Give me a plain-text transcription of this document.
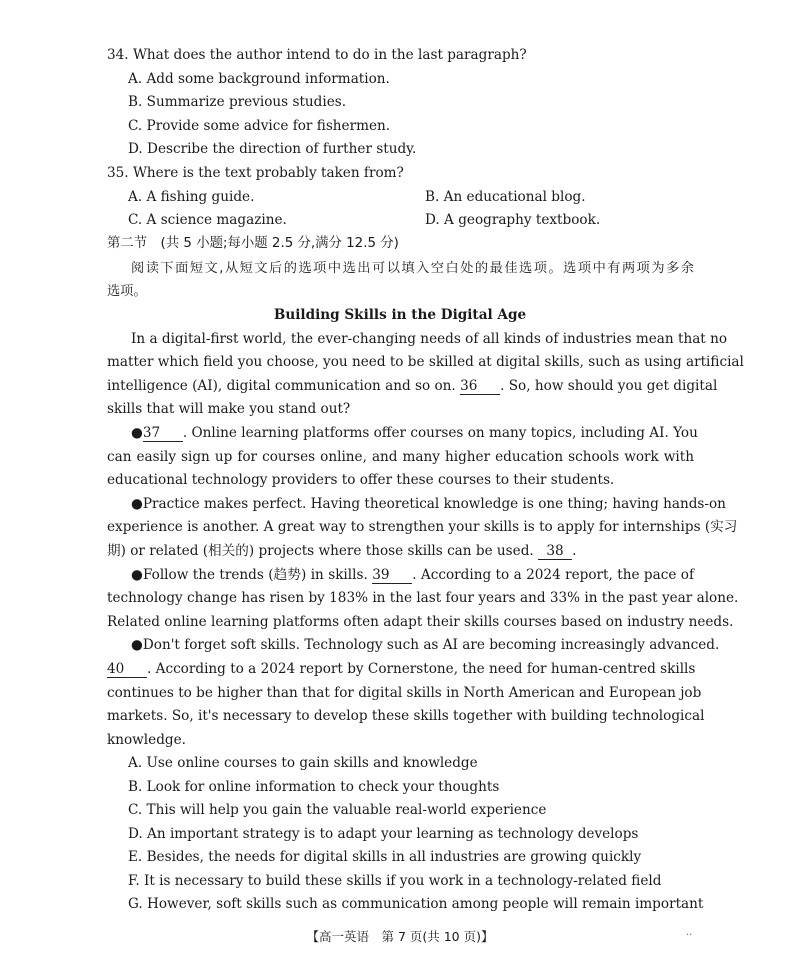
34. What does the author intend to do in the last paragraph?
A. Add some background information.
B. Summarize previous studies.
C. Provide some advice for fishermen.
D. Describe the direction of further study.
35. Where is the text probably taken from?
A. A fishing guide.	B. An educational blog.
C. A science magazine.	D. A geography textbook.
第二节　(共 5 小题;每小题 2.5 分,满分 12.5 分)
阅读下面短文,从短文后的选项中选出可以填入空白处的最佳选项。选项中有两项为多余
选项。
Building Skills in the Digital Age
In a digital-first world, the ever-changing needs of all kinds of industries mean that no
matter which field you choose, you need to be skilled at digital skills, such as using artificial
intelligence (AI), digital communication and so on. 36 . So, how should you get digital
skills that will make you stand out?
●37 . Online learning platforms offer courses on many topics, including AI. You
can easily sign up for courses online, and many higher education schools work with
educational technology providers to offer these courses to their students.
●Practice makes perfect. Having theoretical knowledge is one thing; having hands-on
experience is another. A great way to strengthen your skills is to apply for internships (实习
期) or related (相关的) projects where those skills can be used. 38 .
●Follow the trends (趋势) in skills. 39 . According to a 2024 report, the pace of
technology change has risen by 183% in the last four years and 33% in the past year alone.
Related online learning platforms often adapt their skills courses based on industry needs.
●Don't forget soft skills. Technology such as AI are becoming increasingly advanced.
40 . According to a 2024 report by Cornerstone, the need for human-centred skills
continues to be higher than that for digital skills in North American and European job
markets. So, it's necessary to develop these skills together with building technological
knowledge.
A. Use online courses to gain skills and knowledge
B. Look for online information to check your thoughts
C. This will help you gain the valuable real-world experience
D. An important strategy is to adapt your learning as technology develops
E. Besides, the needs for digital skills in all industries are growing quickly
F. It is necessary to build these skills if you work in a technology-related field
G. However, soft skills such as communication among people will remain important
【高一英语　第 7 页(共 10 页)】	··
